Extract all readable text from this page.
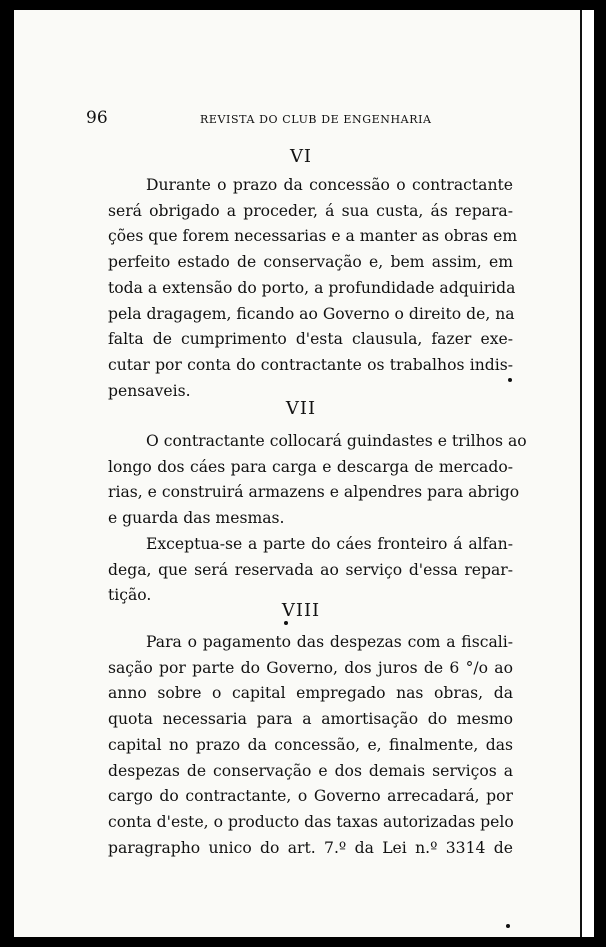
96	REVISTA DO CLUB DE ENGENHARIA
VI
Durante o prazo da concessão o contractante
será obrigado a proceder, á sua custa, ás repara-
ções que forem necessarias e a manter as obras em
perfeito estado de conservação e, bem assim, em
toda a extensão do porto, a profundidade adquirida
pela dragagem, ficando ao Governo o direito de, na
falta de cumprimento d'esta clausula, fazer exe-
cutar por conta do contractante os trabalhos indis-
pensaveis.
VII
O contractante collocará guindastes e trilhos ao
longo dos cáes para carga e descarga de mercado-
rias, e construirá armazens e alpendres para abrigo
e guarda das mesmas.
Exceptua-se a parte do cáes fronteiro á alfan-
dega, que será reservada ao serviço d'essa repar-
tição.
VIII
Para o pagamento das despezas com a fiscali-
sação por parte do Governo, dos juros de 6 °/o ao
anno sobre o capital empregado nas obras, da
quota necessaria para a amortisação do mesmo
capital no prazo da concessão, e, finalmente, das
despezas de conservação e dos demais serviços a
cargo do contractante, o Governo arrecadará, por
conta d'este, o producto das taxas autorizadas pelo
paragrapho unico do art. 7.º da Lei n.º 3314 de
